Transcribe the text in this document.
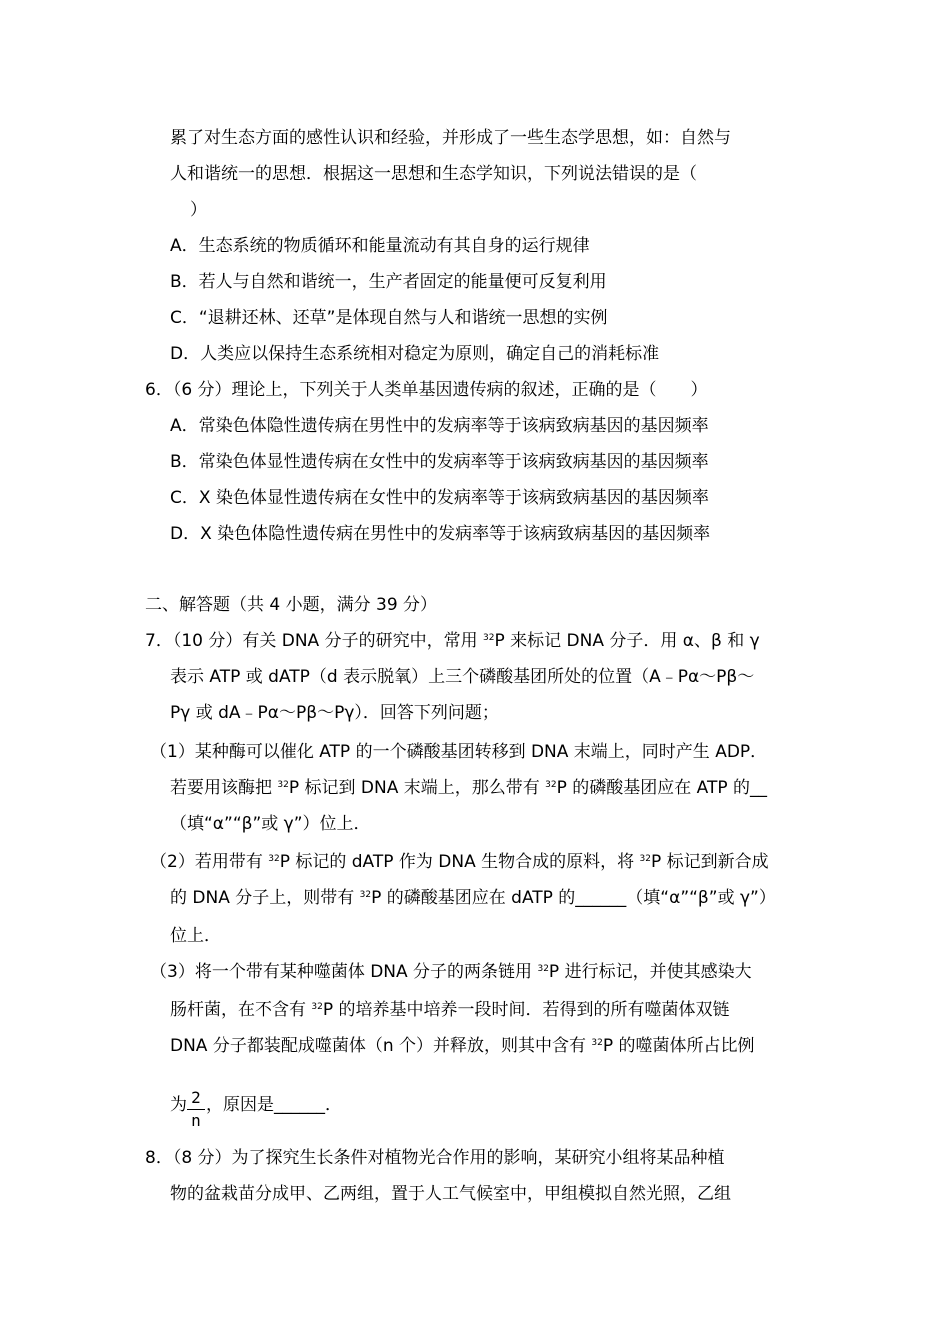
累了对生态方面的感性认识和经验，并形成了一些生态学思想，如：自然与
人和谐统一的思想．根据这一思想和生态学知识，下列说法错误的是（
）
A．生态系统的物质循环和能量流动有其自身的运行规律
B．若人与自然和谐统一，生产者固定的能量便可反复利用
C．“退耕还林、还草”是体现自然与人和谐统一思想的实例
D．人类应以保持生态系统相对稳定为原则，确定自己的消耗标准
6．（6 分）理论上，下列关于人类单基因遗传病的叙述，正确的是（　　）
A．常染色体隐性遗传病在男性中的发病率等于该病致病基因的基因频率
B．常染色体显性遗传病在女性中的发病率等于该病致病基因的基因频率
C．X 染色体显性遗传病在女性中的发病率等于该病致病基因的基因频率
D．X 染色体隐性遗传病在男性中的发病率等于该病致病基因的基因频率
二、解答题（共 4 小题，满分 39 分）
7．（10 分）有关 DNA 分子的研究中，常用 $^{32}$P 来标记 DNA 分子．用 α、β 和 γ
表示 ATP 或 dATP（d 表示脱氧）上三个磷酸基团所处的位置（A﹣Pα～Pβ～
Pγ 或 dA﹣Pα～Pβ～Pγ）．回答下列问题；
（1）某种酶可以催化 ATP 的一个磷酸基团转移到 DNA 末端上，同时产生 ADP．
若要用该酶把 $^{32}$P 标记到 DNA 末端上，那么带有 $^{32}$P 的磷酸基团应在 ATP 的__
（填“α”“β”或 γ”）位上．
（2）若用带有 $^{32}$P 标记的 dATP 作为 DNA 生物合成的原料，将 $^{32}$P 标记到新合成
的 DNA 分子上，则带有 $^{32}$P 的磷酸基团应在 dATP 的______（填“α”“β”或 γ”）
位上．
（3）将一个带有某种噬菌体 DNA 分子的两条链用 $^{32}$P 进行标记，并使其感染大
肠杆菌，在不含有 $^{32}$P 的培养基中培养一段时间．若得到的所有噬菌体双链
DNA 分子都装配成噬菌体（n 个）并释放，则其中含有 $^{32}$P 的噬菌体所占比例
为 2
n
，原因是______．
8．（8 分）为了探究生长条件对植物光合作用的影响，某研究小组将某品种植
物的盆栽苗分成甲、乙两组，置于人工气候室中，甲组模拟自然光照，乙组
